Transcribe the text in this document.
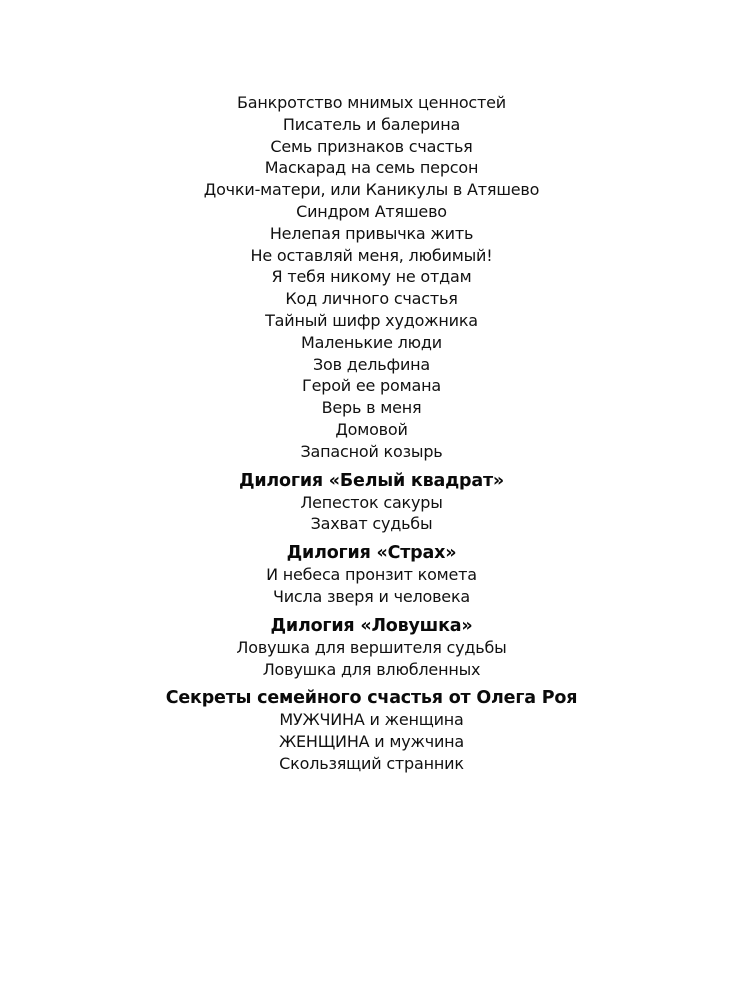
Банкротство мнимых ценностей
Писатель и балерина
Семь признаков счастья
Маскарад на семь персон
Дочки-матери, или Каникулы в Атяшево
Синдром Атяшево
Нелепая привычка жить
Не оставляй меня, любимый!
Я тебя никому не отдам
Код личного счастья
Тайный шифр художника
Маленькие люди
Зов дельфина
Герой ее романа
Верь в меня
Домовой
Запасной козырь
Дилогия «Белый квадрат»
Лепесток сакуры
Захват судьбы
Дилогия «Страх»
И небеса пронзит комета
Числа зверя и человека
Дилогия «Ловушка»
Ловушка для вершителя судьбы
Ловушка для влюбленных
Секреты семейного счастья от Олега Роя
МУЖЧИНА и женщина
ЖЕНЩИНА и мужчина
Скользящий странник
